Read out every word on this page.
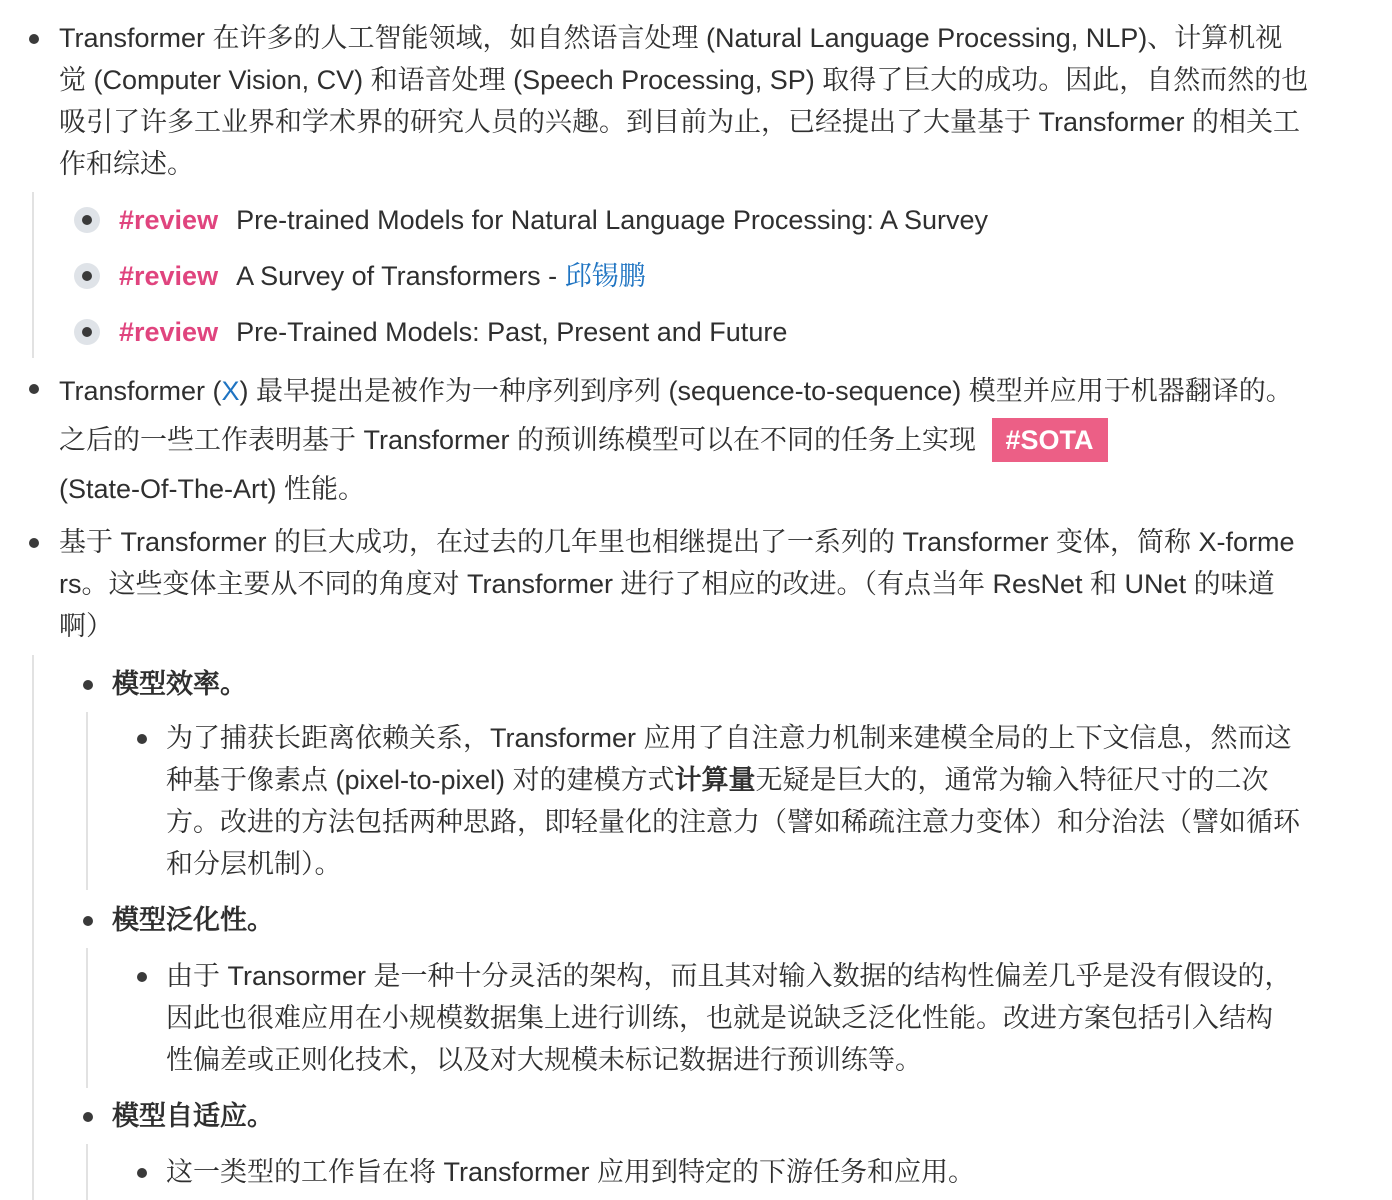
Transformer 在许多的人工智能领域，如自然语言处理 (Natural Language Processing, NLP)、计算机视觉 (Computer Vision, CV) 和语音处理 (Speech Processing, SP) 取得了巨大的成功。因此，自然而然的也吸引了许多工业界和学术界的研究人员的兴趣。到目前为止，已经提出了大量基于 Transformer 的相关工作和综述。
#review Pre-trained Models for Natural Language Processing: A Survey
#review A Survey of Transformers - 邱锡鹏
#review Pre-Trained Models: Past, Present and Future
Transformer (X) 最早提出是被作为一种序列到序列 (sequence-to-sequence) 模型并应用于机器翻译的。之后的一些工作表明基于 Transformer 的预训练模型可以在不同的任务上实现 #SOTA
(State-Of-The-Art) 性能。
基于 Transformer 的巨大成功，在过去的几年里也相继提出了一系列的 Transformer 变体，简称 X-formers。这些变体主要从不同的角度对 Transformer 进行了相应的改进。（有点当年 ResNet 和 UNet 的味道啊）
模型效率。
为了捕获长距离依赖关系，Transformer 应用了自注意力机制来建模全局的上下文信息，然而这种基于像素点 (pixel-to-pixel) 对的建模方式计算量无疑是巨大的，通常为输入特征尺寸的二次方。改进的方法包括两种思路，即轻量化的注意力（譬如稀疏注意力变体）和分治法（譬如循环和分层机制）。
模型泛化性。
由于 Transormer 是一种十分灵活的架构，而且其对输入数据的结构性偏差几乎是没有假设的，因此也很难应用在小规模数据集上进行训练，也就是说缺乏泛化性能。改进方案包括引入结构性偏差或正则化技术，以及对大规模未标记数据进行预训练等。
模型自适应。
这一类型的工作旨在将 Transformer 应用到特定的下游任务和应用。
